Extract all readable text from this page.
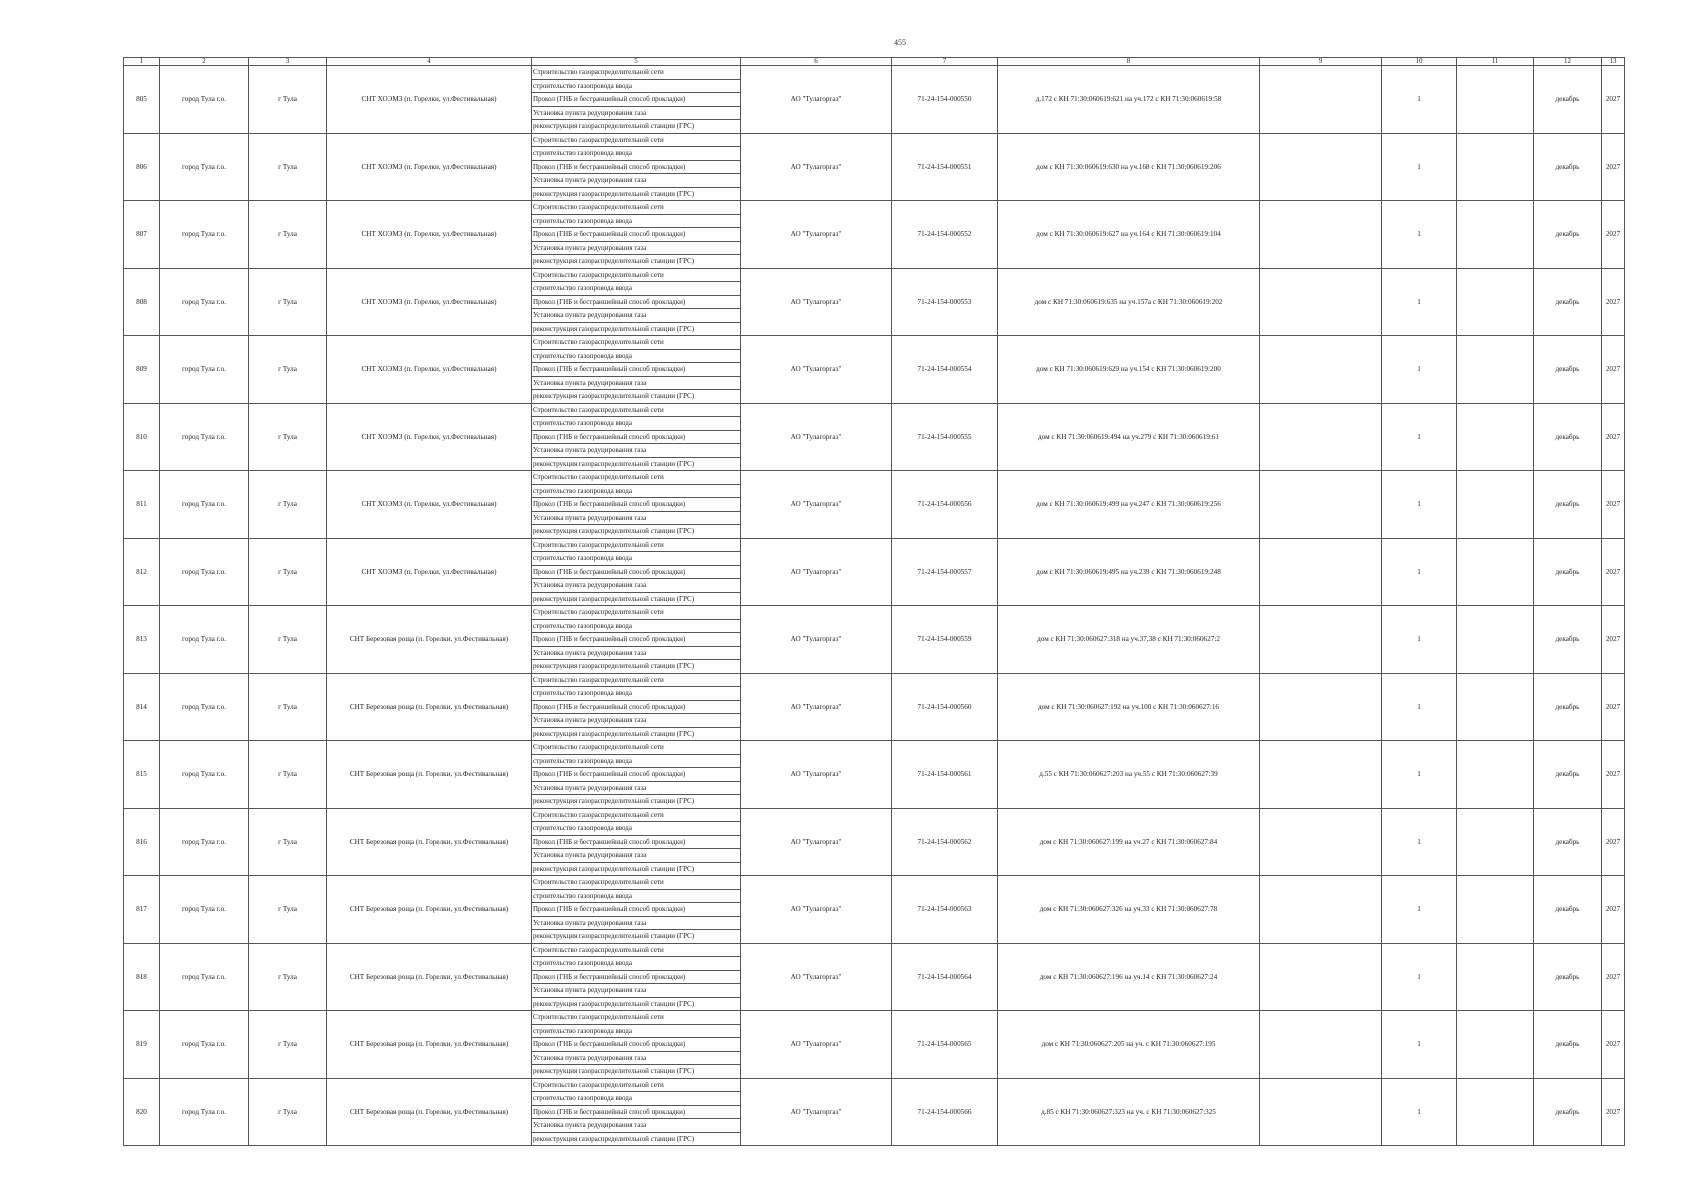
455
1	2	3	4	5	6	7	8	9	10	11	12	13
805	город Тула г.о.	г Тула	СНТ ХОЭМЗ (п. Горелки, ул.Фестивальная)	Строительство газораспределительной сети	АО "Тулагоргаз"	71-24-154-000550	д.172 с КН 71:30:060619:621 на уч.172 с КН 71:30:060619:58		1		декабрь	2027
				строительство газопровода ввода								
				Прокол (ГНБ и бестраншейный способ прокладки)								
				Установка пункта редуцирования газа								
				реконструкция газораспределительной станции (ГРС)								
806	город Тула г.о.	г Тула	СНТ ХОЭМЗ (п. Горелки, ул.Фестивальная)	Строительство газораспределительной сети	АО "Тулагоргаз"	71-24-154-000551	дом с КН 71:30:060619:630 на уч.168 с КН 71:30:060619:206		1		декабрь	2027
				строительство газопровода ввода								
				Прокол (ГНБ и бестраншейный способ прокладки)								
				Установка пункта редуцирования газа								
				реконструкция газораспределительной станции (ГРС)								
807	город Тула г.о.	г Тула	СНТ ХОЭМЗ (п. Горелки, ул.Фестивальная)	Строительство газораспределительной сети	АО "Тулагоргаз"	71-24-154-000552	дом с КН 71:30:060619:627 на уч.164 с КН 71:30:060619:104		1		декабрь	2027
				строительство газопровода ввода								
				Прокол (ГНБ и бестраншейный способ прокладки)								
				Установка пункта редуцирования газа								
				реконструкция газораспределительной станции (ГРС)								
808	город Тула г.о.	г Тула	СНТ ХОЭМЗ (п. Горелки, ул.Фестивальная)	Строительство газораспределительной сети	АО "Тулагоргаз"	71-24-154-000553	дом с КН 71:30:060619:635 на уч.157а с КН 71:30:060619:202		1		декабрь	2027
				строительство газопровода ввода								
				Прокол (ГНБ и бестраншейный способ прокладки)								
				Установка пункта редуцирования газа								
				реконструкция газораспределительной станции (ГРС)								
809	город Тула г.о.	г Тула	СНТ ХОЭМЗ (п. Горелки, ул.Фестивальная)	Строительство газораспределительной сети	АО "Тулагоргаз"	71-24-154-000554	дом с КН 71:30:060619:629 на уч.154 с КН 71:30:060619:200		1		декабрь	2027
				строительство газопровода ввода								
				Прокол (ГНБ и бестраншейный способ прокладки)								
				Установка пункта редуцирования газа								
				реконструкция газораспределительной станции (ГРС)								
810	город Тула г.о.	г Тула	СНТ ХОЭМЗ (п. Горелки, ул.Фестивальная)	Строительство газораспределительной сети	АО "Тулагоргаз"	71-24-154-000555	дом с КН 71:30:060619:494 на уч.279 с КН 71:30:060619:61		1		декабрь	2027
				строительство газопровода ввода								
				Прокол (ГНБ и бестраншейный способ прокладки)								
				Установка пункта редуцирования газа								
				реконструкция газораспределительной станции (ГРС)								
811	город Тула г.о.	г Тула	СНТ ХОЭМЗ (п. Горелки, ул.Фестивальная)	Строительство газораспределительной сети	АО "Тулагоргаз"	71-24-154-000556	дом с КН 71:30:060619:499 на уч.247 с КН 71:30:060619:256		1		декабрь	2027
				строительство газопровода ввода								
				Прокол (ГНБ и бестраншейный способ прокладки)								
				Установка пункта редуцирования газа								
				реконструкция газораспределительной станции (ГРС)								
812	город Тула г.о.	г Тула	СНТ ХОЭМЗ (п. Горелки, ул.Фестивальная)	Строительство газораспределительной сети	АО "Тулагоргаз"	71-24-154-000557	дом с КН 71:30:060619:495 на уч.239 с КН 71:30:060619:248		1		декабрь	2027
				строительство газопровода ввода								
				Прокол (ГНБ и бестраншейный способ прокладки)								
				Установка пункта редуцирования газа								
				реконструкция газораспределительной станции (ГРС)								
813	город Тула г.о.	г Тула	СНТ Березовая роща (п. Горелки, ул.Фестивальная)	Строительство газораспределительной сети	АО "Тулагоргаз"	71-24-154-000559	дом с КН 71:30:060627:318 на уч.37,38 с КН 71:30:060627:2		1		декабрь	2027
				строительство газопровода ввода								
				Прокол (ГНБ и бестраншейный способ прокладки)								
				Установка пункта редуцирования газа								
				реконструкция газораспределительной станции (ГРС)								
814	город Тула г.о.	г Тула	СНТ Березовая роща (п. Горелки, ул.Фестивальная)	Строительство газораспределительной сети	АО "Тулагоргаз"	71-24-154-000560	дом с КН 71:30:060627:192 на уч.100 с КН 71:30:060627:16		1		декабрь	2027
				строительство газопровода ввода								
				Прокол (ГНБ и бестраншейный способ прокладки)								
				Установка пункта редуцирования газа								
				реконструкция газораспределительной станции (ГРС)								
815	город Тула г.о.	г Тула	СНТ Березовая роща (п. Горелки, ул.Фестивальная)	Строительство газораспределительной сети	АО "Тулагоргаз"	71-24-154-000561	д.55 с КН 71:30:060627:203 на уч.55 с КН 71:30:060627:39		1		декабрь	2027
				строительство газопровода ввода								
				Прокол (ГНБ и бестраншейный способ прокладки)								
				Установка пункта редуцирования газа								
				реконструкция газораспределительной станции (ГРС)								
816	город Тула г.о.	г Тула	СНТ Березовая роща (п. Горелки, ул.Фестивальная)	Строительство газораспределительной сети	АО "Тулагоргаз"	71-24-154-000562	дом с КН 71:30:060627:199 на уч.27 с КН 71:30:060627:84		1		декабрь	2027
				строительство газопровода ввода								
				Прокол (ГНБ и бестраншейный способ прокладки)								
				Установка пункта редуцирования газа								
				реконструкция газораспределительной станции (ГРС)								
817	город Тула г.о.	г Тула	СНТ Березовая роща (п. Горелки, ул.Фестивальная)	Строительство газораспределительной сети	АО "Тулагоргаз"	71-24-154-000563	дом с КН 71:30:060627:326 на уч.33 с КН 71:30:060627:78		1		декабрь	2027
				строительство газопровода ввода								
				Прокол (ГНБ и бестраншейный способ прокладки)								
				Установка пункта редуцирования газа								
				реконструкция газораспределительной станции (ГРС)								
818	город Тула г.о.	г Тула	СНТ Березовая роща (п. Горелки, ул.Фестивальная)	Строительство газораспределительной сети	АО "Тулагоргаз"	71-24-154-000564	дом с КН 71:30:060627:196 на уч.14 с КН 71:30:060627:24		1		декабрь	2027
				строительство газопровода ввода								
				Прокол (ГНБ и бестраншейный способ прокладки)								
				Установка пункта редуцирования газа								
				реконструкция газораспределительной станции (ГРС)								
819	город Тула г.о.	г Тула	СНТ Березовая роща (п. Горелки, ул.Фестивальная)	Строительство газораспределительной сети	АО "Тулагоргаз"	71-24-154-000565	дом с КН 71:30:060627:205 на уч. с КН 71:30:060627:195		1		декабрь	2027
				строительство газопровода ввода								
				Прокол (ГНБ и бестраншейный способ прокладки)								
				Установка пункта редуцирования газа								
				реконструкция газораспределительной станции (ГРС)								
820	город Тула г.о.	г Тула	СНТ Березовая роща (п. Горелки, ул.Фестивальная)	Строительство газораспределительной сети	АО "Тулагоргаз"	71-24-154-000566	д.85 с КН 71:30:060627:323 на уч. с КН 71:30:060627:325		1		декабрь	2027
				строительство газопровода ввода								
				Прокол (ГНБ и бестраншейный способ прокладки)								
				Установка пункта редуцирования газа								
				реконструкция газораспределительной станции (ГРС)								
